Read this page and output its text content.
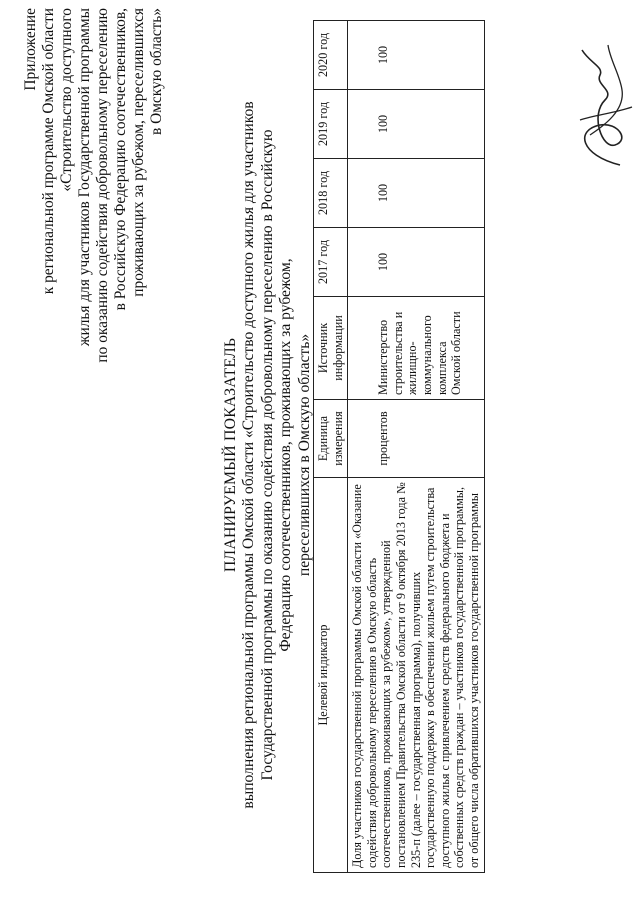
Приложение к региональной программе Омской области «Строительство доступного жилья для участников Государственной программы по оказанию содействия добровольному переселению в Российскую Федерацию соотечественников, проживающих за рубежом, переселившихся в Омскую область»
ПЛАНИРУЕМЫЙ ПОКАЗАТЕЛЬ выполнения региональной программы Омской области «Строительство доступного жилья для участников Государственной программы по оказанию содействия добровольному переселению в Российскую Федерацию соотечественников, проживающих за рубежом, переселившихся в Омскую область»
Целевой индикатор	Единица измерения	Источник информации	2017 год	2018 год	2019 год	2020 год
Доля участников государственной программы Омской области «Оказание содействия добровольному переселению в Омскую область соотечественников, проживающих за рубежом», утвержденной постановлением Правительства Омской области от 9 октября 2013 года № 235-п (далее – государственная программа), получивших государственную поддержку в обеспечении жильем путем строительства доступного жилья с привлечением средств федерального бюджета и собственных средств граждан – участников государственной программы, от общего числа обратившихся участников государственной программы	процентов	Министерство строительства и жилищно-коммунального комплекса Омской области	100	100	100	100
